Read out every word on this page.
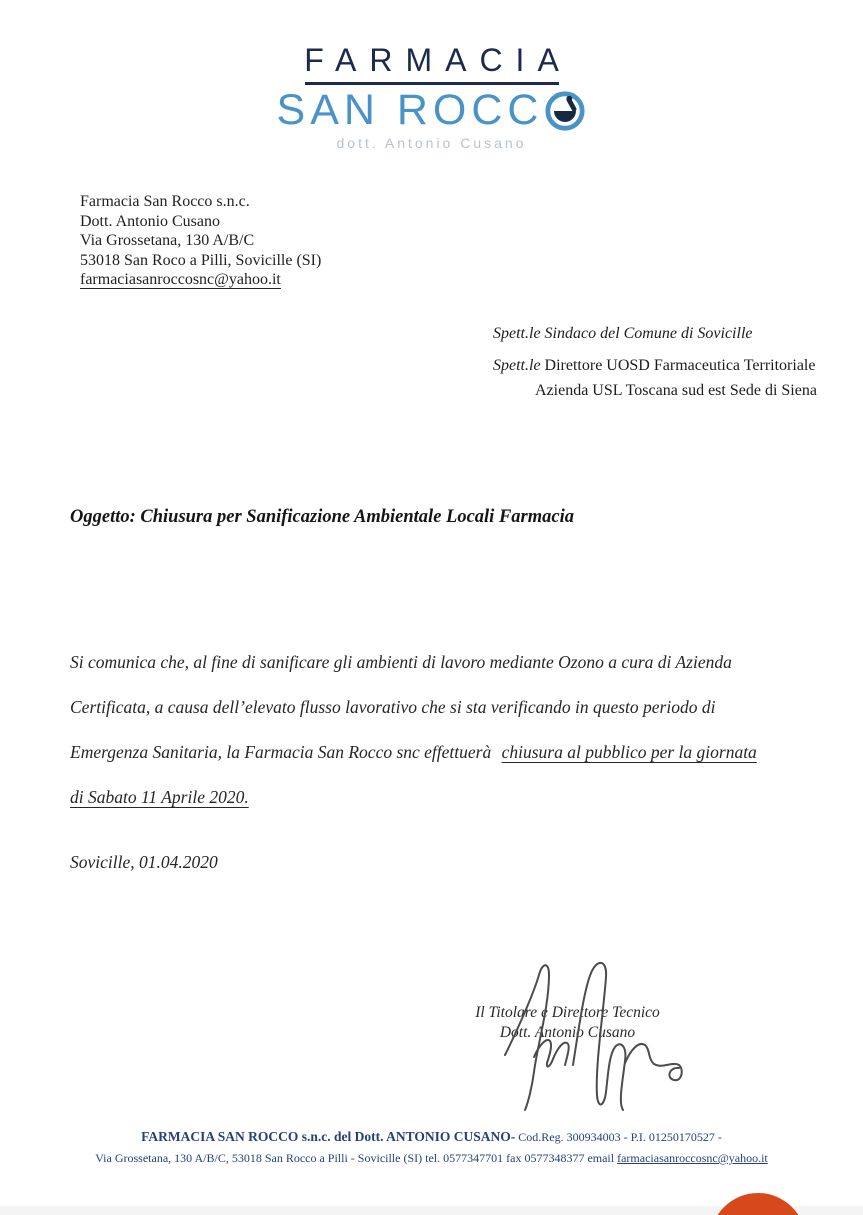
FARMACIA
SAN ROCC
dott. Antonio Cusano
Farmacia San Rocco s.n.c.
Dott. Antonio Cusano
Via Grossetana, 130 A/B/C
53018 San Roco a Pilli, Sovicille (SI)
farmaciasanroccosnc@yahoo.it
Spett.le Sindaco del Comune di Sovicille
Spett.le Direttore UOSD Farmaceutica Territoriale
Azienda USL Toscana sud est Sede di Siena
Oggetto: Chiusura per Sanificazione Ambientale Locali Farmacia
Si comunica che, al fine di sanificare gli ambienti di lavoro mediante Ozono a cura di Azienda
Certificata, a causa dell’elevato flusso lavorativo che si sta verificando in questo periodo di
Emergenza Sanitaria, la Farmacia San Rocco snc effettuerà chiusura al pubblico per la giornata
di Sabato 11 Aprile 2020.
Sovicille, 01.04.2020
Il Titolare e Direttore Tecnico
Dott. Antonio Cusano
FARMACIA SAN ROCCO s.n.c. del Dott. ANTONIO CUSANO- Cod.Reg. 300934003 - P.I. 01250170527 -
Via Grossetana, 130 A/B/C, 53018 San Rocco a Pilli - Sovicille (SI) tel. 0577347701 fax 0577348377 email farmaciasanroccosnc@yahoo.it
